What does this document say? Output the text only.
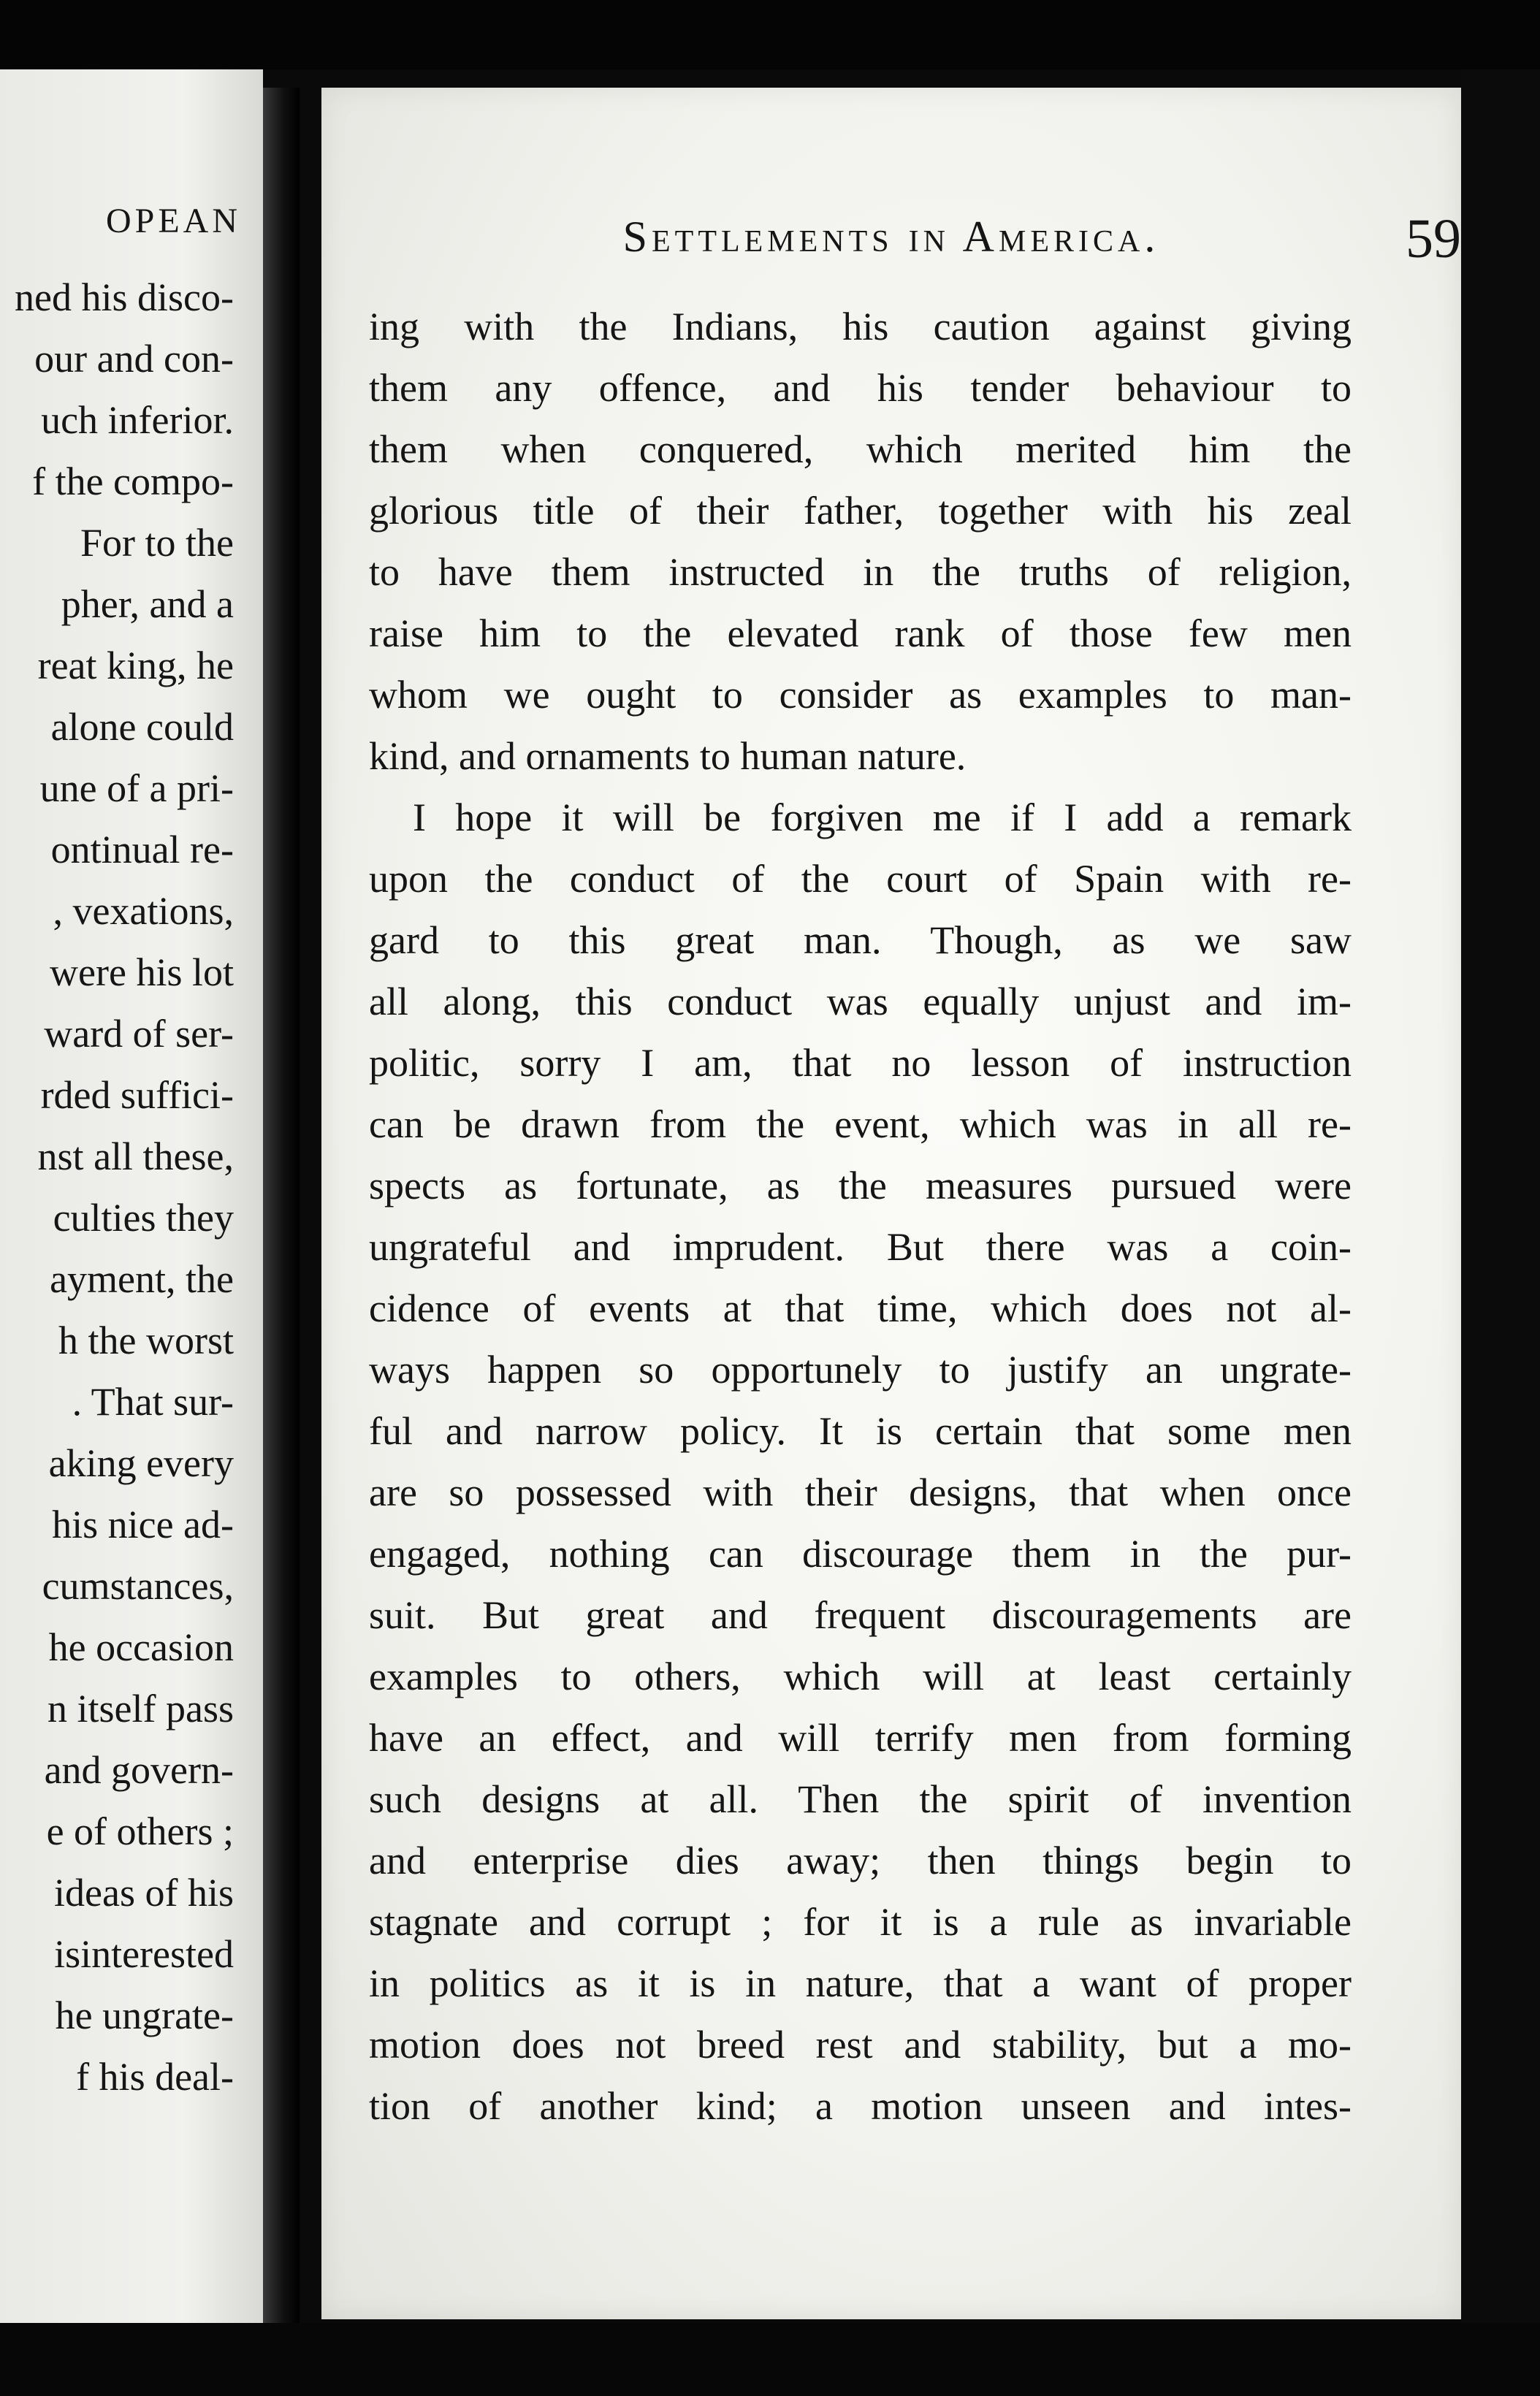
OPEAN
ned his disco-
our and con-
uch inferior.
f the compo-
For to the
pher, and a
reat king, he
alone could
une of a pri-
ontinual re-
, vexations,
were his lot
ward of ser-
rded suffici-
nst all these,
culties they
ayment, the
h the worst
. That sur-
aking every
his nice ad-
cumstances,
he occasion
n itself pass
and govern-
e of others ;
ideas of his
isinterested
he ungrate-
f his deal-
Settlements in America.	59
ing with the Indians, his caution against giving
them any offence, and his tender behaviour to
them when conquered, which merited him the
glorious title of their father, together with his zeal
to have them instructed in the truths of religion,
raise him to the elevated rank of those few men
whom we ought to consider as examples to man-
kind, and ornaments to human nature.
I hope it will be forgiven me if I add a remark
upon the conduct of the court of Spain with re-
gard to this great man. Though, as we saw
all along, this conduct was equally unjust and im-
politic, sorry I am, that no lesson of instruction
can be drawn from the event, which was in all re-
spects as fortunate, as the measures pursued were
ungrateful and imprudent. But there was a coin-
cidence of events at that time, which does not al-
ways happen so opportunely to justify an ungrate-
ful and narrow policy. It is certain that some men
are so possessed with their designs, that when once
engaged, nothing can discourage them in the pur-
suit. But great and frequent discouragements are
examples to others, which will at least certainly
have an effect, and will terrify men from forming
such designs at all. Then the spirit of invention
and enterprise dies away; then things begin to
stagnate and corrupt ; for it is a rule as invariable
in politics as it is in nature, that a want of proper
motion does not breed rest and stability, but a mo-
tion of another kind; a motion unseen and intes-
